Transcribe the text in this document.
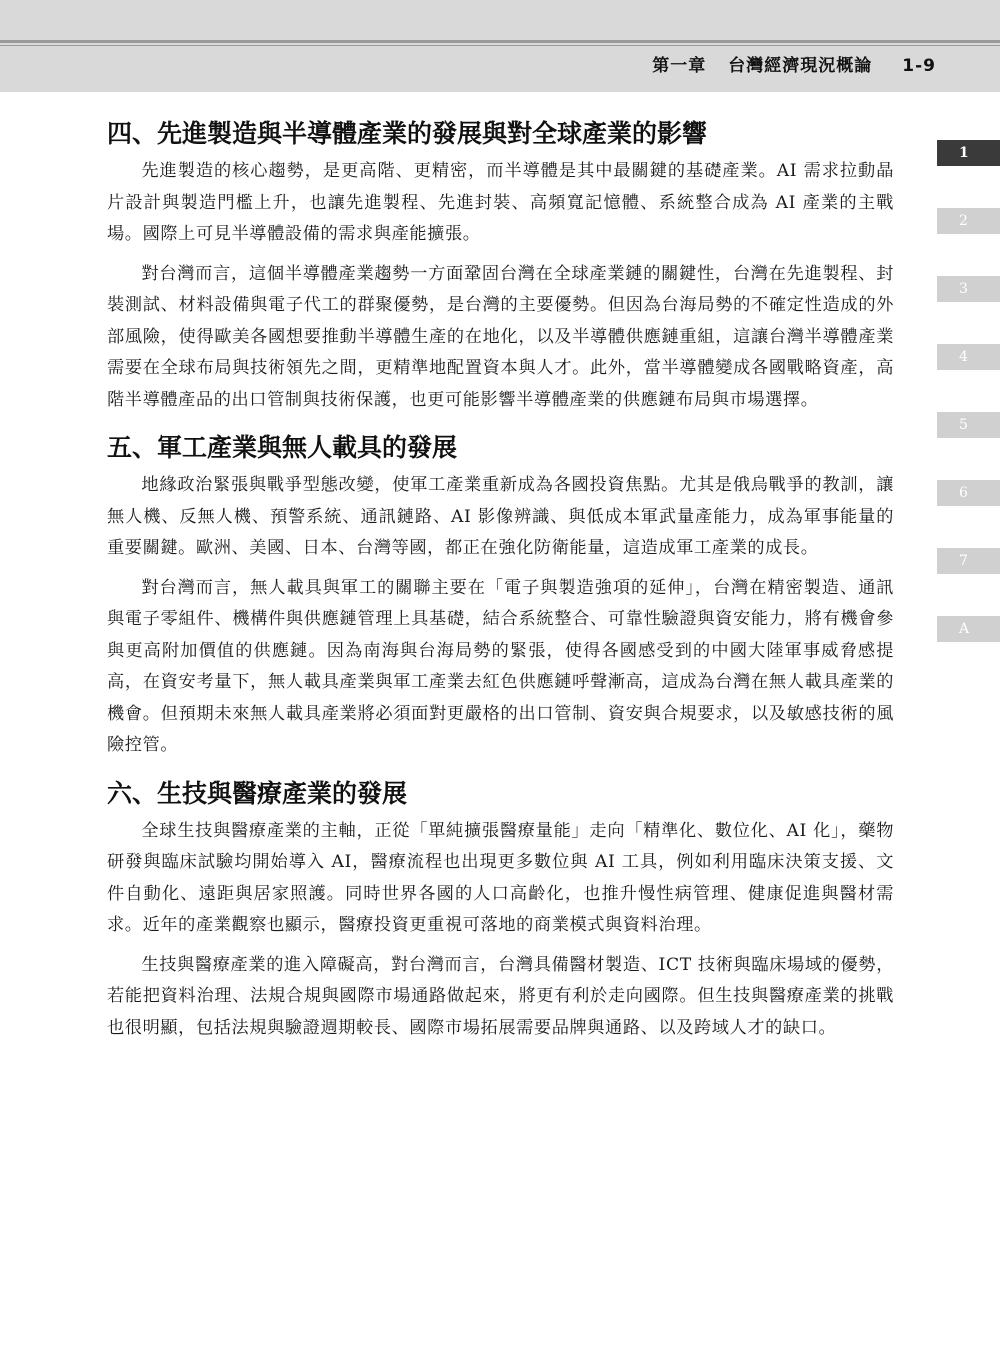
第一章 台灣經濟現況概論 1-9
1
2
3
4
5
6
7
A
四、先進製造與半導體產業的發展與對全球產業的影響

先進製造的核心趨勢，是更高階、更精密，而半導體是其中最關鍵的基礎產業。AI 需求拉動晶片設計與製造門檻上升，也讓先進製程、先進封裝、高頻寬記憶體、系統整合成為 AI 產業的主戰場。國際上可見半導體設備的需求與產能擴張。

對台灣而言，這個半導體產業趨勢一方面鞏固台灣在全球產業鏈的關鍵性，台灣在先進製程、封裝測試、材料設備與電子代工的群聚優勢，是台灣的主要優勢。但因為台海局勢的不確定性造成的外部風險，使得歐美各國想要推動半導體生產的在地化，以及半導體供應鏈重組，這讓台灣半導體產業需要在全球布局與技術領先之間，更精準地配置資本與人才。此外，當半導體變成各國戰略資產，高階半導體產品的出口管制與技術保護，也更可能影響半導體產業的供應鏈布局與市場選擇。

五、軍工產業與無人載具的發展

地緣政治緊張與戰爭型態改變，使軍工產業重新成為各國投資焦點。尤其是俄烏戰爭的教訓，讓無人機、反無人機、預警系統、通訊鏈路、AI 影像辨識、與低成本軍武量產能力，成為軍事能量的重要關鍵。歐洲、美國、日本、台灣等國，都正在強化防衛能量，這造成軍工產業的成長。

對台灣而言，無人載具與軍工的關聯主要在「電子與製造強項的延伸」，台灣在精密製造、通訊與電子零組件、機構件與供應鏈管理上具基礎，結合系統整合、可靠性驗證與資安能力，將有機會參與更高附加價值的供應鏈。因為南海與台海局勢的緊張，使得各國感受到的中國大陸軍事威脅感提高，在資安考量下，無人載具產業與軍工產業去紅色供應鏈呼聲漸高，這成為台灣在無人載具產業的機會。但預期未來無人載具產業將必須面對更嚴格的出口管制、資安與合規要求，以及敏感技術的風險控管。

六、生技與醫療產業的發展

全球生技與醫療產業的主軸，正從「單純擴張醫療量能」走向「精準化、數位化、AI 化」，藥物研發與臨床試驗均開始導入 AI，醫療流程也出現更多數位與 AI 工具，例如利用臨床決策支援、文件自動化、遠距與居家照護。同時世界各國的人口高齡化，也推升慢性病管理、健康促進與醫材需求。近年的產業觀察也顯示，醫療投資更重視可落地的商業模式與資料治理。

生技與醫療產業的進入障礙高，對台灣而言，台灣具備醫材製造、ICT 技術與臨床場域的優勢，若能把資料治理、法規合規與國際市場通路做起來，將更有利於走向國際。但生技與醫療產業的挑戰也很明顯，包括法規與驗證週期較長、國際市場拓展需要品牌與通路、以及跨域人才的缺口。
